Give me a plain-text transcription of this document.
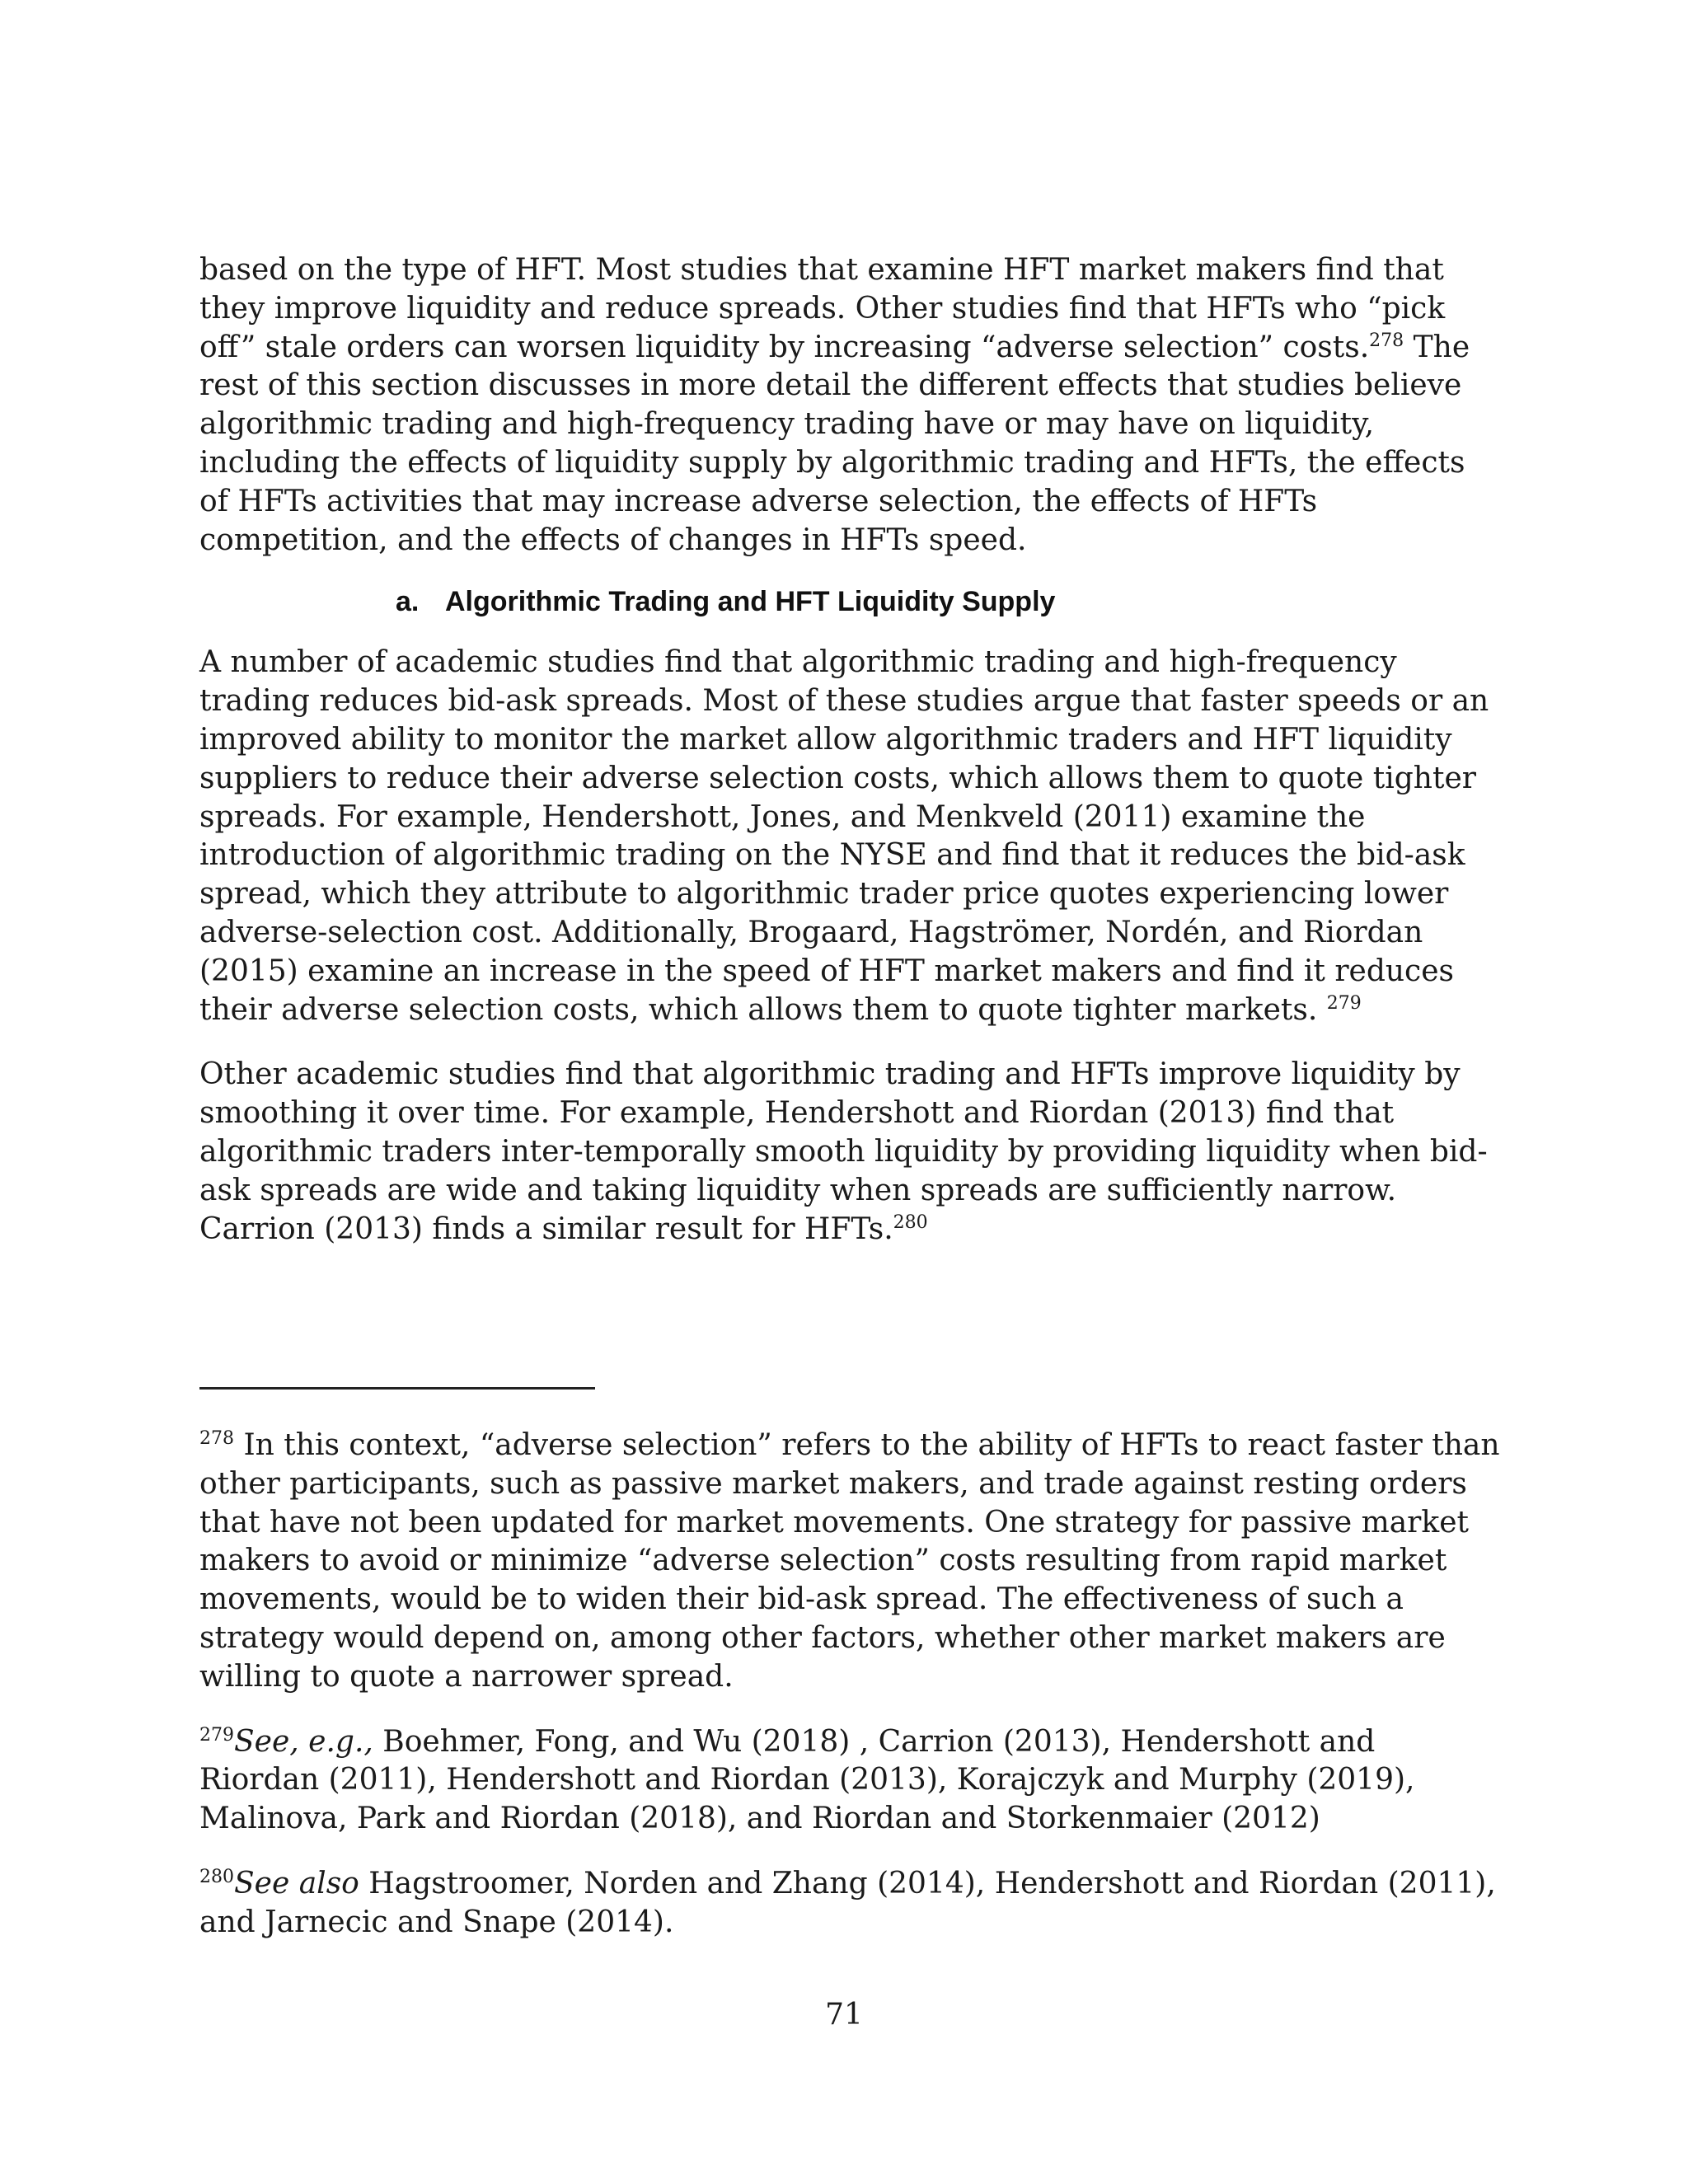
based on the type of HFT. Most studies that examine HFT market makers find that they improve liquidity and reduce spreads. Other studies find that HFTs who “pick off” stale orders can worsen liquidity by increasing “adverse selection” costs.$^{278}$ The rest of this section discusses in more detail the different effects that studies believe algorithmic trading and high-frequency trading have or may have on liquidity, including the effects of liquidity supply by algorithmic trading and HFTs, the effects of HFTs activities that may increase adverse selection, the effects of HFTs competition, and the effects of changes in HFTs speed.

a. Algorithmic Trading and HFT Liquidity Supply

A number of academic studies find that algorithmic trading and high-frequency trading reduces bid-ask spreads. Most of these studies argue that faster speeds or an improved ability to monitor the market allow algorithmic traders and HFT liquidity suppliers to reduce their adverse selection costs, which allows them to quote tighter spreads. For example, Hendershott, Jones, and Menkveld (2011) examine the introduction of algorithmic trading on the NYSE and find that it reduces the bid-ask spread, which they attribute to algorithmic trader price quotes experiencing lower adverse-selection cost. Additionally, Brogaard, Hagströmer, Nordén, and Riordan (2015) examine an increase in the speed of HFT market makers and find it reduces their adverse selection costs, which allows them to quote tighter markets. $^{279}$

Other academic studies find that algorithmic trading and HFTs improve liquidity by smoothing it over time. For example, Hendershott and Riordan (2013) find that algorithmic traders inter-temporally smooth liquidity by providing liquidity when bid-ask spreads are wide and taking liquidity when spreads are sufficiently narrow. Carrion (2013) finds a similar result for HFTs.$^{280}$

$^{278}$ In this context, “adverse selection” refers to the ability of HFTs to react faster than other participants, such as passive market makers, and trade against resting orders that have not been updated for market movements. One strategy for passive market makers to avoid or minimize “adverse selection” costs resulting from rapid market movements, would be to widen their bid-ask spread. The effectiveness of such a strategy would depend on, among other factors, whether other market makers are willing to quote a narrower spread.

$^{279}$See, e.g., Boehmer, Fong, and Wu (2018) , Carrion (2013), Hendershott and Riordan (2011), Hendershott and Riordan (2013), Korajczyk and Murphy (2019), Malinova, Park and Riordan (2018), and Riordan and Storkenmaier (2012)

$^{280}$See also Hagstroomer, Norden and Zhang (2014), Hendershott and Riordan (2011), and Jarnecic and Snape (2014).

71
